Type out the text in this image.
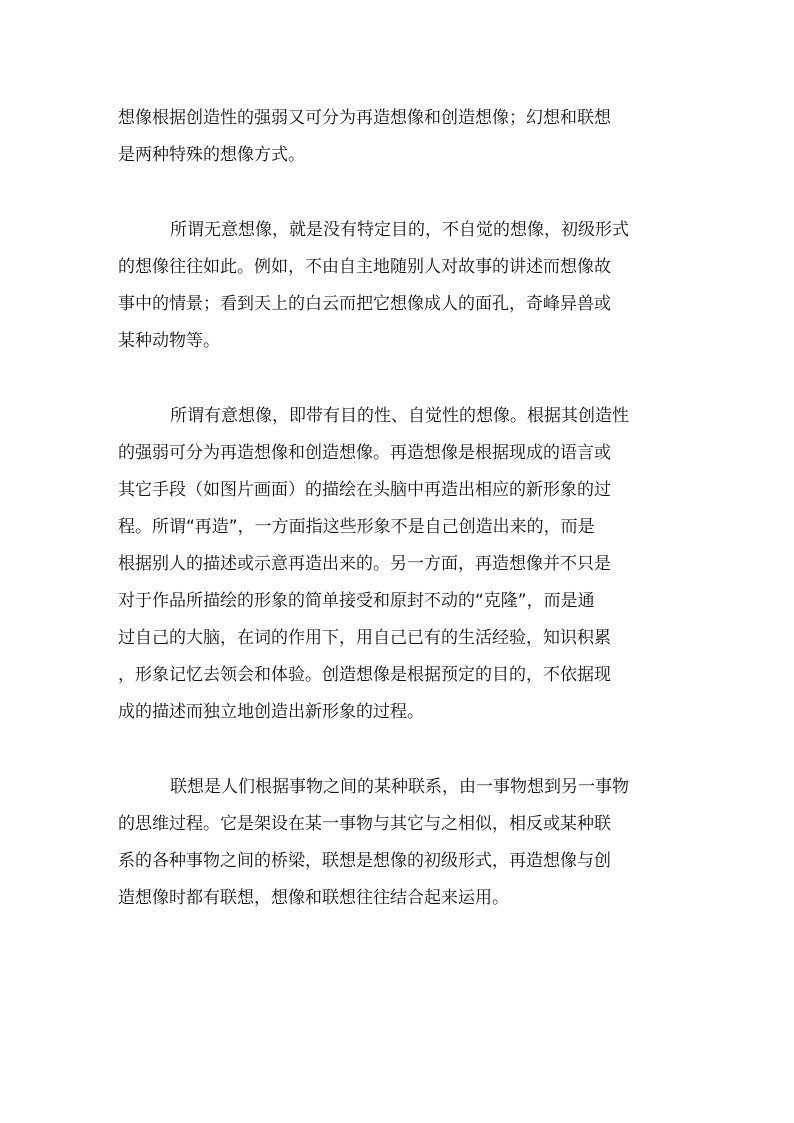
想像根据创造性的强弱又可分为再造想像和创造想像；幻想和联想
是两种特殊的想像方式。

所谓无意想像，就是没有特定目的，不自觉的想像，初级形式
的想像往往如此。例如，不由自主地随别人对故事的讲述而想像故
事中的情景；看到天上的白云而把它想像成人的面孔，奇峰异兽或
某种动物等。

所谓有意想像，即带有目的性、自觉性的想像。根据其创造性
的强弱可分为再造想像和创造想像。再造想像是根据现成的语言或
其它手段（如图片画面）的描绘在头脑中再造出相应的新形象的过
程。所谓“再造”，一方面指这些形象不是自己创造出来的，而是
根据别人的描述或示意再造出来的。另一方面，再造想像并不只是
对于作品所描绘的形象的简单接受和原封不动的“克隆”，而是通
过自己的大脑，在词的作用下，用自己已有的生活经验，知识积累
，形象记忆去领会和体验。创造想像是根据预定的目的，不依据现
成的描述而独立地创造出新形象的过程。

联想是人们根据事物之间的某种联系，由一事物想到另一事物
的思维过程。它是架设在某一事物与其它与之相似，相反或某种联
系的各种事物之间的桥梁，联想是想像的初级形式，再造想像与创
造想像时都有联想，想像和联想往往结合起来运用。
